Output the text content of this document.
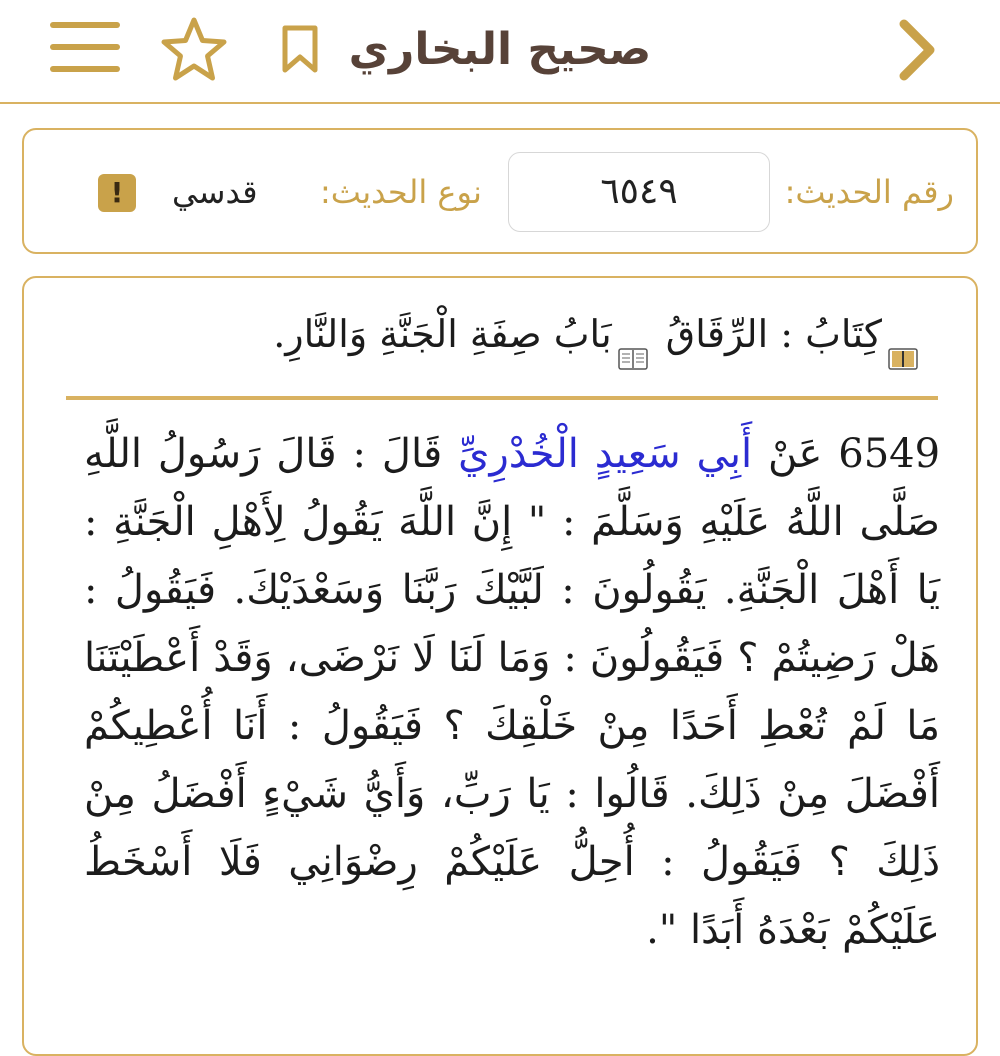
صحيح البخاري
رقم الحديث:
٦٥٤٩
نوع الحديث:
قدسي
!
كِتَابُ : الرِّقَاقُ بَابُ صِفَةِ الْجَنَّةِ وَالنَّارِ.
6549 عَنْ أَبِي سَعِيدٍ الْخُدْرِيِّ قَالَ : قَالَ رَسُولُ اللَّهِ صَلَّى اللَّهُ عَلَيْهِ وَسَلَّمَ : " إِنَّ اللَّهَ يَقُولُ لِأَهْلِ الْجَنَّةِ : يَا أَهْلَ الْجَنَّةِ. يَقُولُونَ : لَبَّيْكَ رَبَّنَا وَسَعْدَيْكَ. فَيَقُولُ : هَلْ رَضِيتُمْ ؟ فَيَقُولُونَ : وَمَا لَنَا لَا نَرْضَى، وَقَدْ أَعْطَيْتَنَا مَا لَمْ تُعْطِ أَحَدًا مِنْ خَلْقِكَ ؟ فَيَقُولُ : أَنَا أُعْطِيكُمْ أَفْضَلَ مِنْ ذَلِكَ. قَالُوا : يَا رَبِّ، وَأَيُّ شَيْءٍ أَفْضَلُ مِنْ ذَلِكَ ؟ فَيَقُولُ : أُحِلُّ عَلَيْكُمْ رِضْوَانِي فَلَا أَسْخَطُ عَلَيْكُمْ بَعْدَهُ أَبَدًا ".
